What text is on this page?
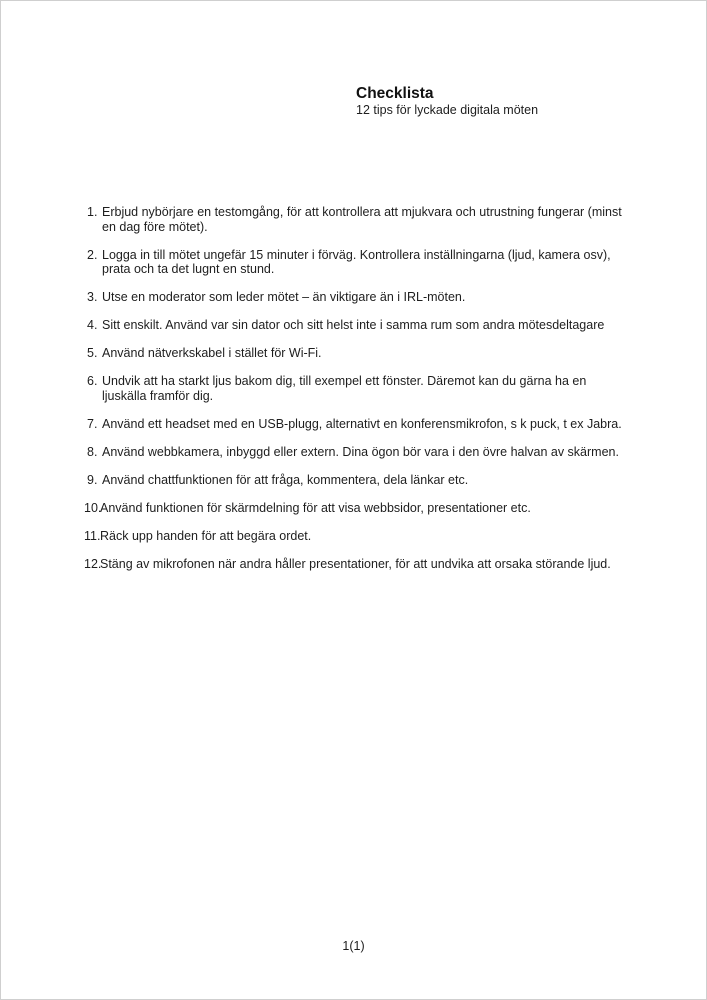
Checklista
12 tips för lyckade digitala möten
1. Erbjud nybörjare en testomgång, för att kontrollera att mjukvara och utrustning fungerar (minst en dag före mötet).
2. Logga in till mötet ungefär 15 minuter i förväg. Kontrollera inställningarna (ljud, kamera osv), prata och ta det lugnt en stund.
3. Utse en moderator som leder mötet – än viktigare än i IRL-möten.
4. Sitt enskilt. Använd var sin dator och sitt helst inte i samma rum som andra mötesdeltagare
5. Använd nätverkskabel i stället för Wi-Fi.
6. Undvik att ha starkt ljus bakom dig, till exempel ett fönster. Däremot kan du gärna ha en ljuskälla framför dig.
7. Använd ett headset med en USB-plugg, alternativt en konferensmikrofon, s k puck, t ex Jabra.
8. Använd webbkamera, inbyggd eller extern. Dina ögon bör vara i den övre halvan av skärmen.
9. Använd chattfunktionen för att fråga, kommentera, dela länkar etc.
10.
Använd funktionen för skärmdelning för att visa webbsidor, presentationer etc.
11. Räck upp handen för att begära ordet.
12.
Stäng av mikrofonen när andra håller presentationer, för att undvika att orsaka störande ljud.
1(1)
